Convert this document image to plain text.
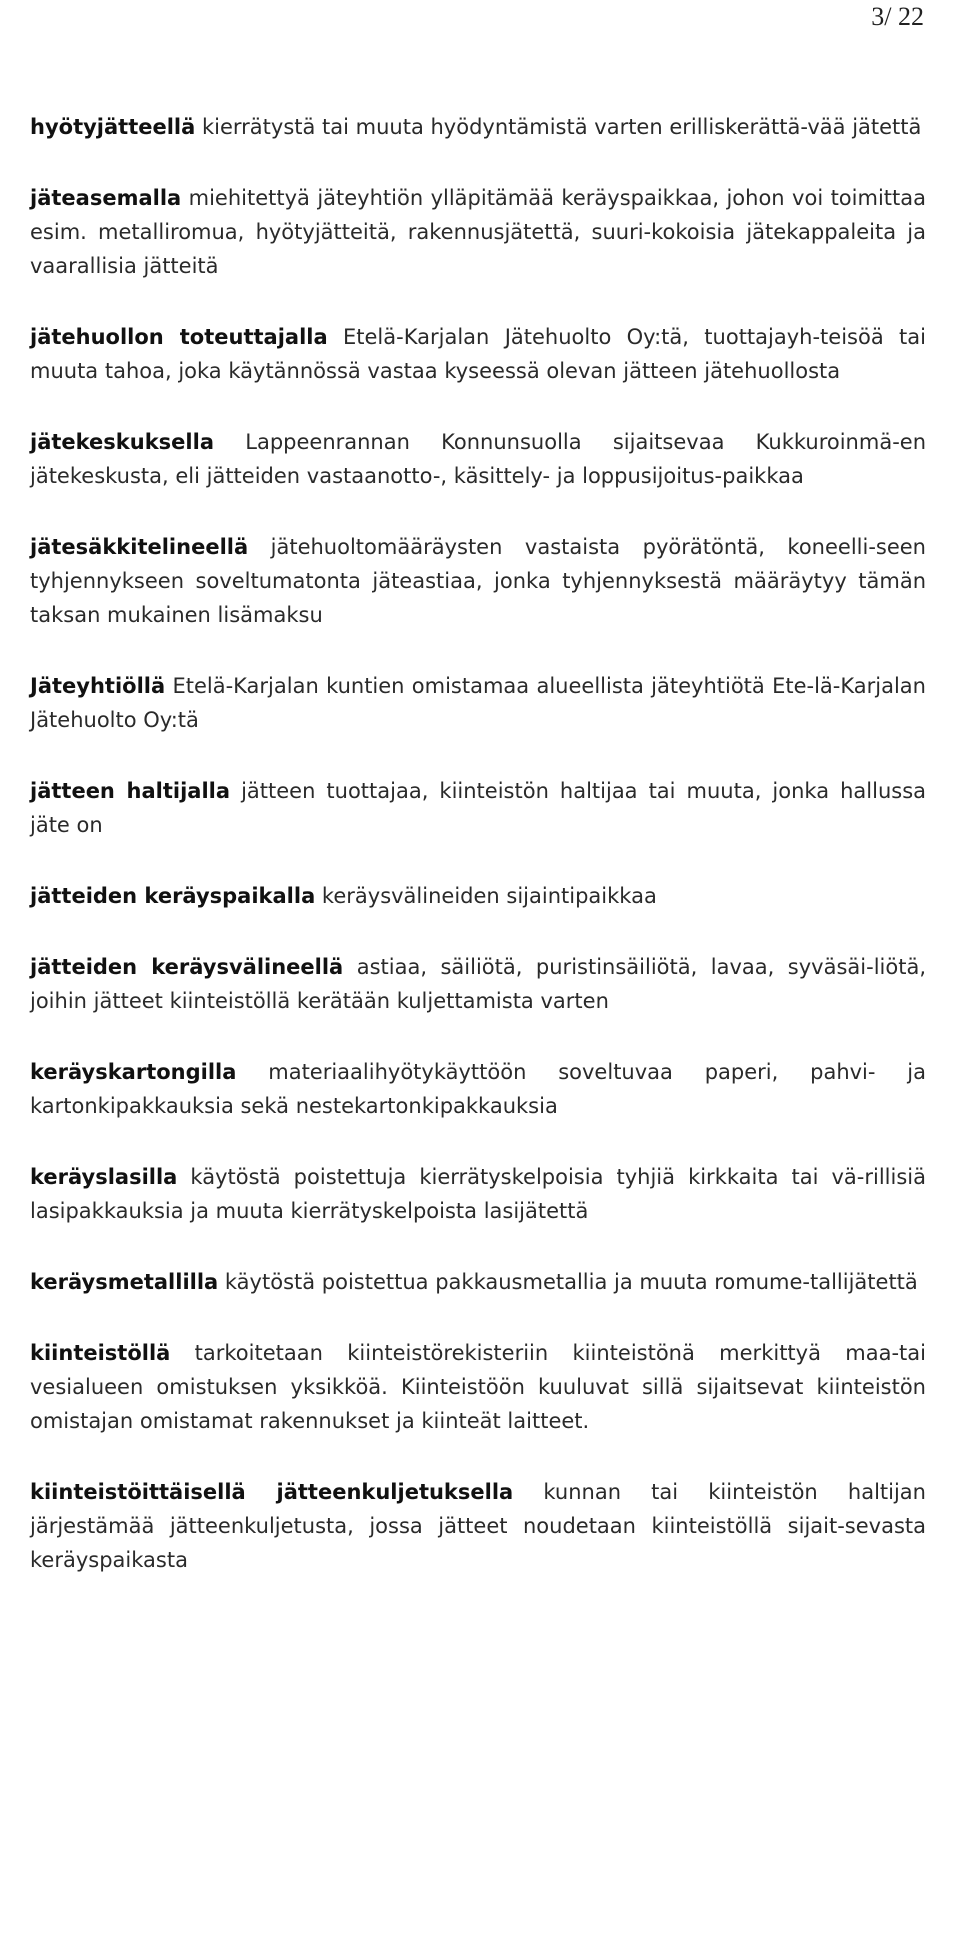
3/ 22

hyötyjätteellä kierrätystä tai muuta hyödyntämistä varten erilliskerättä-vää jätettä

jäteasemalla miehitettyä jäteyhtiön ylläpitämää keräyspaikkaa, johon voi toimittaa esim. metalliromua, hyötyjätteitä, rakennusjätettä, suuri-kokoisia jätekappaleita ja vaarallisia jätteitä

jätehuollon toteuttajalla Etelä-Karjalan Jätehuolto Oy:tä, tuottajayh-teisöä tai muuta tahoa, joka käytännössä vastaa kyseessä olevan jätteen jätehuollosta

jätekeskuksella Lappeenrannan Konnunsuolla sijaitsevaa Kukkuroinmä-en jätekeskusta, eli jätteiden vastaanotto-, käsittely- ja loppusijoitus-paikkaa

jätesäkkitelineellä jätehuoltomääräysten vastaista pyörätöntä, koneelli-seen tyhjennykseen soveltumatonta jäteastiaa, jonka tyhjennyksestä määräytyy tämän taksan mukainen lisämaksu

Jäteyhtiöllä Etelä-Karjalan kuntien omistamaa alueellista jäteyhtiötä Ete-lä-Karjalan Jätehuolto Oy:tä

jätteen haltijalla jätteen tuottajaa, kiinteistön haltijaa tai muuta, jonka hallussa jäte on

jätteiden keräyspaikalla keräysvälineiden sijaintipaikkaa

jätteiden keräysvälineellä astiaa, säiliötä, puristinsäiliötä, lavaa, syväsäi-liötä, joihin jätteet kiinteistöllä kerätään kuljettamista varten

keräyskartongilla materiaalihyötykäyttöön soveltuvaa paperi, pahvi- ja kartonkipakkauksia sekä nestekartonkipakkauksia

keräyslasilla käytöstä poistettuja kierrätyskelpoisia tyhjiä kirkkaita tai vä-rillisiä lasipakkauksia ja muuta kierrätyskelpoista lasijätettä

keräysmetallilla käytöstä poistettua pakkausmetallia ja muuta romume-tallijätettä

kiinteistöllä tarkoitetaan kiinteistörekisteriin kiinteistönä merkittyä maa-tai vesialueen omistuksen yksikköä. Kiinteistöön kuuluvat sillä sijaitsevat kiinteistön omistajan omistamat rakennukset ja kiinteät laitteet.

kiinteistöittäisellä jätteenkuljetuksella kunnan tai kiinteistön haltijan järjestämää jätteenkuljetusta, jossa jätteet noudetaan kiinteistöllä sijait-sevasta keräyspaikasta
